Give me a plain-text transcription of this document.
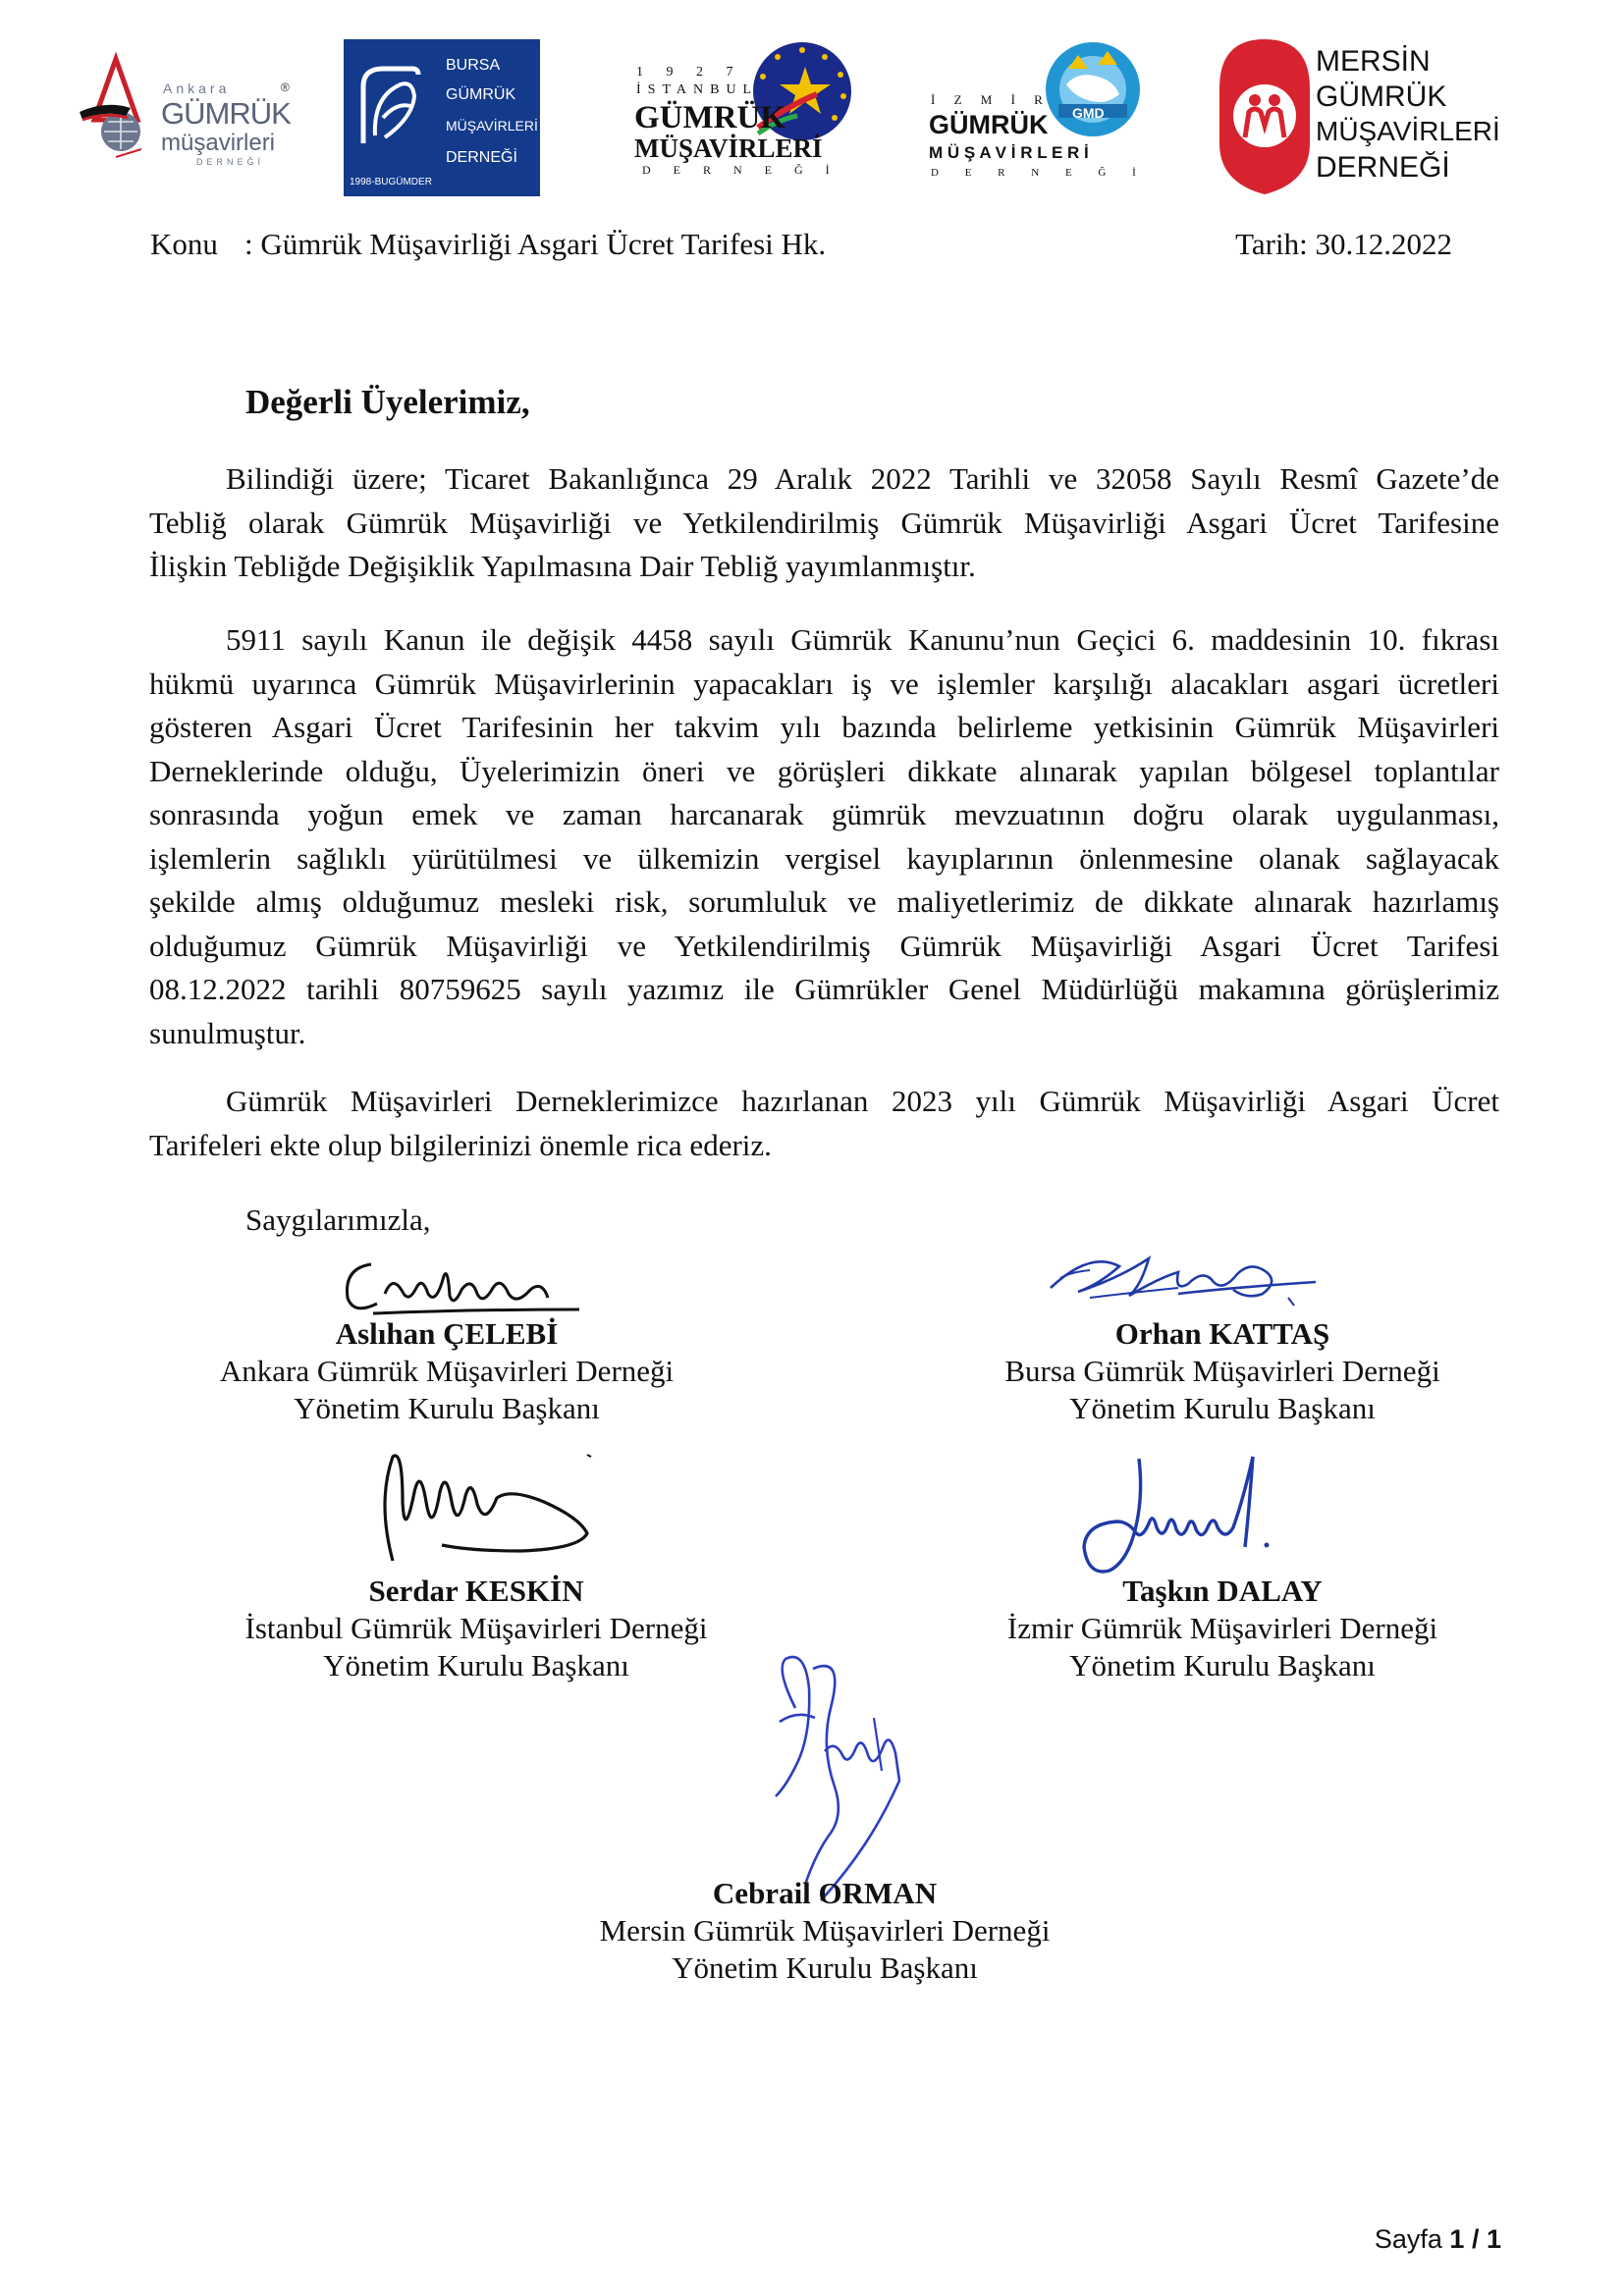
Ankara
GÜMRÜK
müşavirleri
DERNEĞİ
®
BURSA
GÜMRÜK
MÜŞAVİRLERİ
DERNEĞİ
1998-BUGÜMDER
1 9 2 7
İSTANBUL
GÜMRÜK
MÜŞAVİRLERİ
D E R N E Ğ İ
GMD
İ Z M İ R
GÜMRÜK
M Ü Ş A V İ R L E R İ
D E R N E Ğ İ
MERSİN
GÜMRÜK
MÜŞAVİRLERİ
DERNEĞİ
Konu : Gümrük Müşavirliği Asgari Ücret Tarifesi Hk.	Tarih: 30.12.2022
Değerli Üyelerimiz,
Bilindiği üzere; Ticaret Bakanlığınca 29 Aralık 2022 Tarihli ve 32058 Sayılı Resmî Gazete’de
Tebliğ olarak Gümrük Müşavirliği ve Yetkilendirilmiş Gümrük Müşavirliği Asgari Ücret Tarifesine
İlişkin Tebliğde Değişiklik Yapılmasına Dair Tebliğ yayımlanmıştır.
5911 sayılı Kanun ile değişik 4458 sayılı Gümrük Kanunu’nun Geçici 6. maddesinin 10. fıkrası
hükmü uyarınca Gümrük Müşavirlerinin yapacakları iş ve işlemler karşılığı alacakları asgari ücretleri
gösteren Asgari Ücret Tarifesinin her takvim yılı bazında belirleme yetkisinin Gümrük Müşavirleri
Derneklerinde olduğu, Üyelerimizin öneri ve görüşleri dikkate alınarak yapılan bölgesel toplantılar
sonrasında yoğun emek ve zaman harcanarak gümrük mevzuatının doğru olarak uygulanması,
işlemlerin sağlıklı yürütülmesi ve ülkemizin vergisel kayıplarının önlenmesine olanak sağlayacak
şekilde almış olduğumuz mesleki risk, sorumluluk ve maliyetlerimiz de dikkate alınarak hazırlamış
olduğumuz Gümrük Müşavirliği ve Yetkilendirilmiş Gümrük Müşavirliği Asgari Ücret Tarifesi
08.12.2022 tarihli 80759625 sayılı yazımız ile Gümrükler Genel Müdürlüğü makamına görüşlerimiz
sunulmuştur.
Gümrük Müşavirleri Derneklerimizce hazırlanan 2023 yılı Gümrük Müşavirliği Asgari Ücret
Tarifeleri ekte olup bilgilerinizi önemle rica ederiz.
Saygılarımızla,
Aslıhan ÇELEBİ
Ankara Gümrük Müşavirleri Derneği
Yönetim Kurulu Başkanı
Orhan KATTAŞ
Bursa Gümrük Müşavirleri Derneği
Yönetim Kurulu Başkanı
Serdar KESKİN
İstanbul Gümrük Müşavirleri Derneği
Yönetim Kurulu Başkanı
Taşkın DALAY
İzmir Gümrük Müşavirleri Derneği
Yönetim Kurulu Başkanı
Cebrail ORMAN
Mersin Gümrük Müşavirleri Derneği
Yönetim Kurulu Başkanı
Sayfa 1 / 1
